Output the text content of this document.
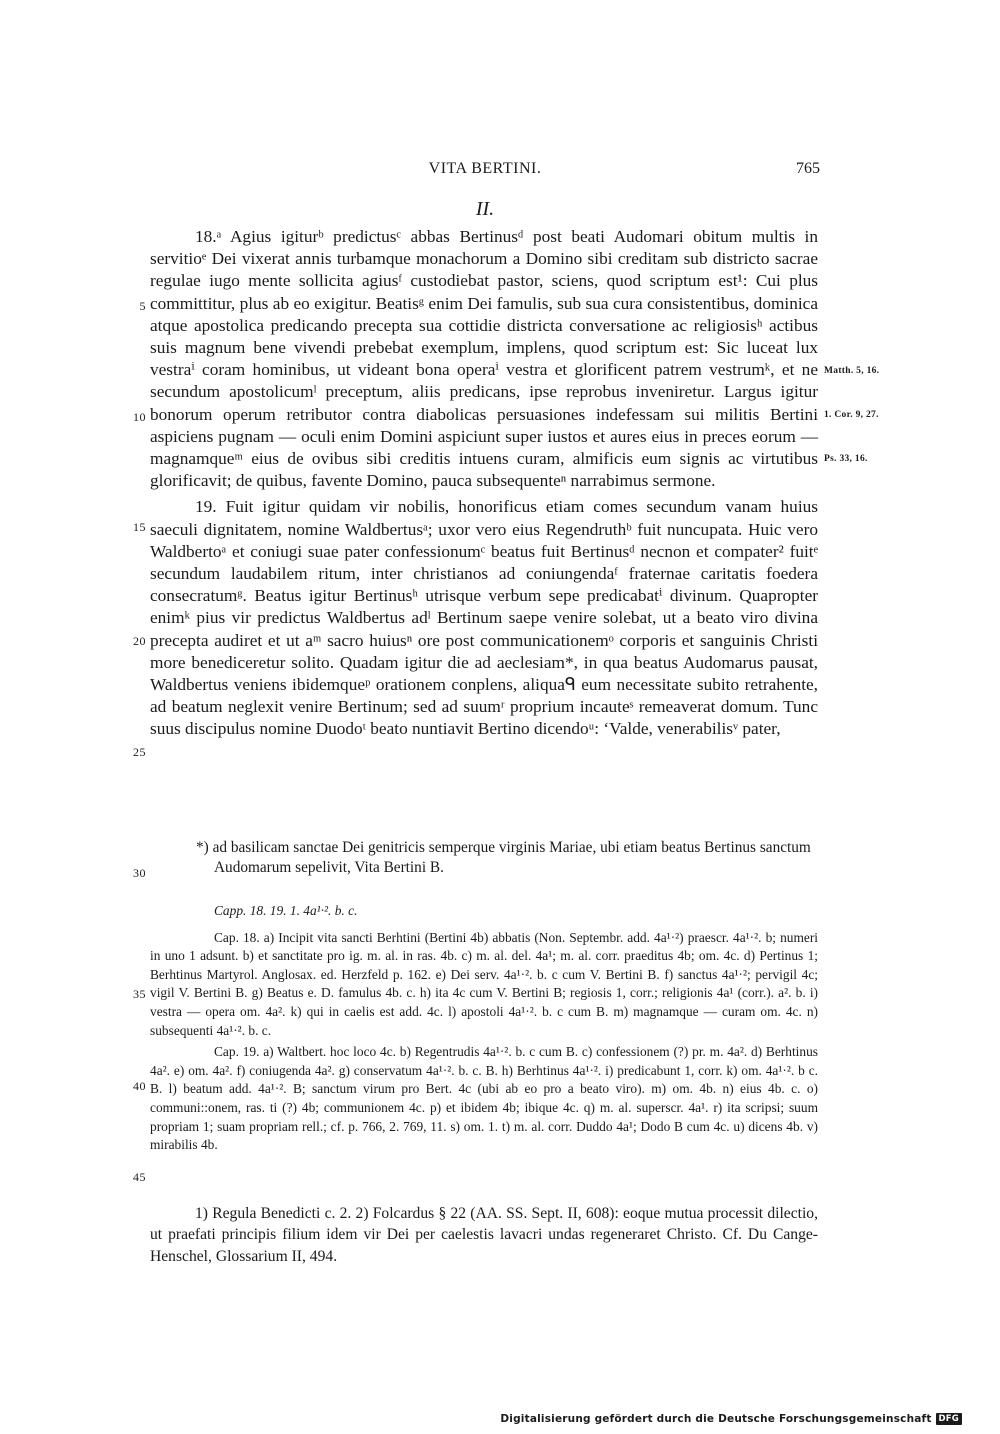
VITA BERTINI.	765
II.

18.ᵃ Agius igiturᵇ predictusᶜ abbas Bertinusᵈ post beati Audomari obitum multis in servitioᵉ Dei vixerat annis turbamque monachorum a Domino sibi creditam sub districto sacrae regulae iugo mente sollicita agiusᶠ custodiebat pastor, sciens, quod scriptum est¹: Cui plus committitur, plus ab eo exigitur. Beatisᵍ enim Dei famulis, sub sua cura consistentibus, dominica atque apostolica predicando precepta sua cottidie districta conversatione ac religiosisʰ actibus suis magnum bene vivendi prebebat exemplum, implens, quod scriptum est: Sic luceat lux vestraⁱ coram hominibus, ut videant bona operaⁱ vestra et glorificent patrem vestrumᵏ, et ne secundum apostolicumˡ preceptum, aliis predicans, ipse reprobus inveniretur. Largus igitur bonorum operum retributor contra diabolicas persuasiones indefessam sui militis Bertini aspiciens pugnam — oculi enim Domini aspiciunt super iustos et aures eius in preces eorum — magnamqueᵐ eius de ovibus sibi creditis intuens curam, almificis eum signis ac virtutibus glorificavit; de quibus, favente Domino, pauca subsequenteⁿ narrabimus sermone.

19. Fuit igitur quidam vir nobilis, honorificus etiam comes secundum vanam huius saeculi dignitatem, nomine Waldbertusᵃ; uxor vero eius Regendruthᵇ fuit nuncupata. Huic vero Waldbertoᵃ et coniugi suae pater confessionumᶜ beatus fuit Bertinusᵈ necnon et compater² fuitᵉ secundum laudabilem ritum, inter christianos ad coniungendaᶠ fraternae caritatis foedera consecratumᵍ. Beatus igitur Bertinusʰ utrisque verbum sepe predicabatⁱ divinum. Quapropter enimᵏ pius vir predictus Waldbertus adˡ Bertinum saepe venire solebat, ut a beato viro divina precepta audiret et ut aᵐ sacro huiusⁿ ore post communicationemᵒ corporis et sanguinis Christi more benediceretur solito. Quadam igitur die ad aeclesiam*, in qua beatus Audomarus pausat, Waldbertus veniens ibidemqueᵖ orationem conplens, aliquaᑫ eum necessitate subito retrahente, ad beatum neglexit venire Bertinum; sed ad suumʳ proprium incauteˢ remeaverat domum. Tunc suus discipulus nomine Duodoᵗ beato nuntiavit Bertino dicendoᵘ: ‘Valde, venerabilisᵛ pater,

5
10
15
20
25
30
35
40
45
Matth. 5, 16.
1. Cor. 9, 27.
Ps. 33, 16.
*) ad basilicam sanctae Dei genitricis semperque virginis Mariae, ubi etiam beatus Bertinus sanctum Audomarum sepelivit, Vita Bertini B.

Capp. 18. 19. 1. 4a¹·². b. c.

Cap. 18. a) Incipit vita sancti Berhtini (Bertini 4b) abbatis (Non. Septembr. add. 4a¹·²) praescr. 4a¹·². b; numeri in uno 1 adsunt. b) et sanctitate pro ig. m. al. in ras. 4b. c) m. al. del. 4a¹; m. al. corr. praeditus 4b; om. 4c. d) Pertinus 1; Berhtinus Martyrol. Anglosax. ed. Herzfeld p. 162. e) Dei serv. 4a¹·². b. c cum V. Bertini B. f) sanctus 4a¹·²; pervigil 4c; vigil V. Bertini B. g) Beatus e. D. famulus 4b. c. h) ita 4c cum V. Bertini B; regiosis 1, corr.; religionis 4a¹ (corr.). a². b. i) vestra — opera om. 4a². k) qui in caelis est add. 4c. l) apostoli 4a¹·². b. c cum B. m) magnamque — curam om. 4c. n) subsequenti 4a¹·². b. c.

Cap. 19. a) Waltbert. hoc loco 4c. b) Regentrudis 4a¹·². b. c cum B. c) confessionem (?) pr. m. 4a². d) Berhtinus 4a². e) om. 4a². f) coniugenda 4a². g) conservatum 4a¹·². b. c. B. h) Berhtinus 4a¹·². i) predicabunt 1, corr. k) om. 4a¹·². b c. B. l) beatum add. 4a¹·². B; sanctum virum pro Bert. 4c (ubi ab eo pro a beato viro). m) om. 4b. n) eius 4b. c. o) communi::onem, ras. ti (?) 4b; communionem 4c. p) et ibidem 4b; ibique 4c. q) m. al. superscr. 4a¹. r) ita scripsi; suum propriam 1; suam propriam rell.; cf. p. 766, 2. 769, 11. s) om. 1. t) m. al. corr. Duddo 4a¹; Dodo B cum 4c. u) dicens 4b. v) mirabilis 4b.

1) Regula Benedicti c. 2. 2) Folcardus § 22 (AA. SS. Sept. II, 608): eoque mutua processit dilectio, ut praefati principis filium idem vir Dei per caelestis lavacri undas regeneraret Christo. Cf. Du Cange-Henschel, Glossarium II, 494.

Digitalisierung gefördert durch die Deutsche Forschungsgemeinschaft DFG
